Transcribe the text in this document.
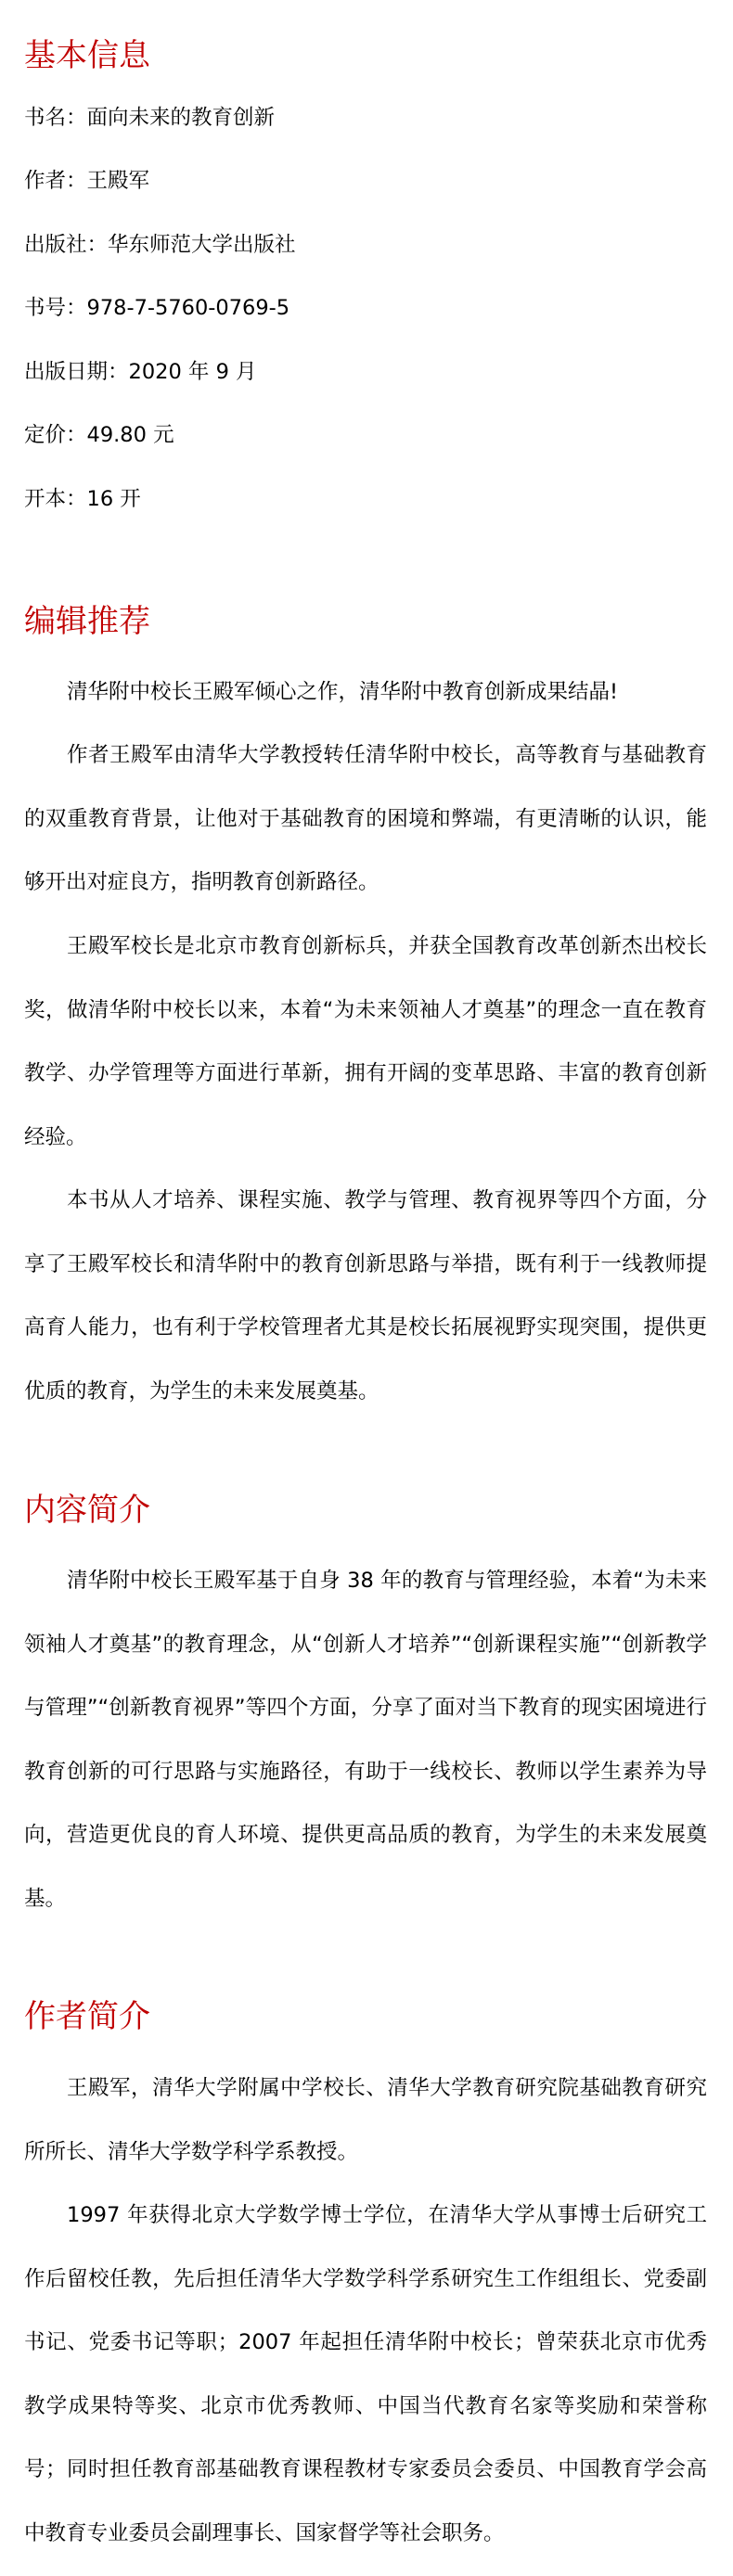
基本信息

书名：面向未来的教育创新

作者：王殿军

出版社：华东师范大学出版社

书号：978-7-5760-0769-5

出版日期：2020 年 9 月

定价：49.80 元

开本：16 开

编辑推荐

清华附中校长王殿军倾心之作，清华附中教育创新成果结晶!

作者王殿军由清华大学教授转任清华附中校长，高等教育与基础教育的双重教育背景，让他对于基础教育的困境和弊端，有更清晰的认识，能够开出对症良方，指明教育创新路径。

王殿军校长是北京市教育创新标兵，并获全国教育改革创新杰出校长奖，做清华附中校长以来，本着“为未来领袖人才奠基”的理念一直在教育教学、办学管理等方面进行革新，拥有开阔的变革思路、丰富的教育创新经验。

本书从人才培养、课程实施、教学与管理、教育视界等四个方面，分享了王殿军校长和清华附中的教育创新思路与举措，既有利于一线教师提高育人能力，也有利于学校管理者尤其是校长拓展视野实现突围，提供更优质的教育，为学生的未来发展奠基。

内容简介

清华附中校长王殿军基于自身 38 年的教育与管理经验，本着“为未来领袖人才奠基”的教育理念，从“创新人才培养”“创新课程实施”“创新教学与管理”“创新教育视界”等四个方面，分享了面对当下教育的现实困境进行教育创新的可行思路与实施路径，有助于一线校长、教师以学生素养为导向，营造更优良的育人环境、提供更高品质的教育，为学生的未来发展奠基。

作者简介

王殿军，清华大学附属中学校长、清华大学教育研究院基础教育研究所所长、清华大学数学科学系教授。

1997 年获得北京大学数学博士学位，在清华大学从事博士后研究工作后留校任教，先后担任清华大学数学科学系研究生工作组组长、党委副书记、党委书记等职；2007 年起担任清华附中校长；曾荣获北京市优秀教学成果特等奖、北京市优秀教师、中国当代教育名家等奖励和荣誉称号；同时担任教育部基础教育课程教材专家委员会委员、中国教育学会高中教育专业委员会副理事长、国家督学等社会职务。
